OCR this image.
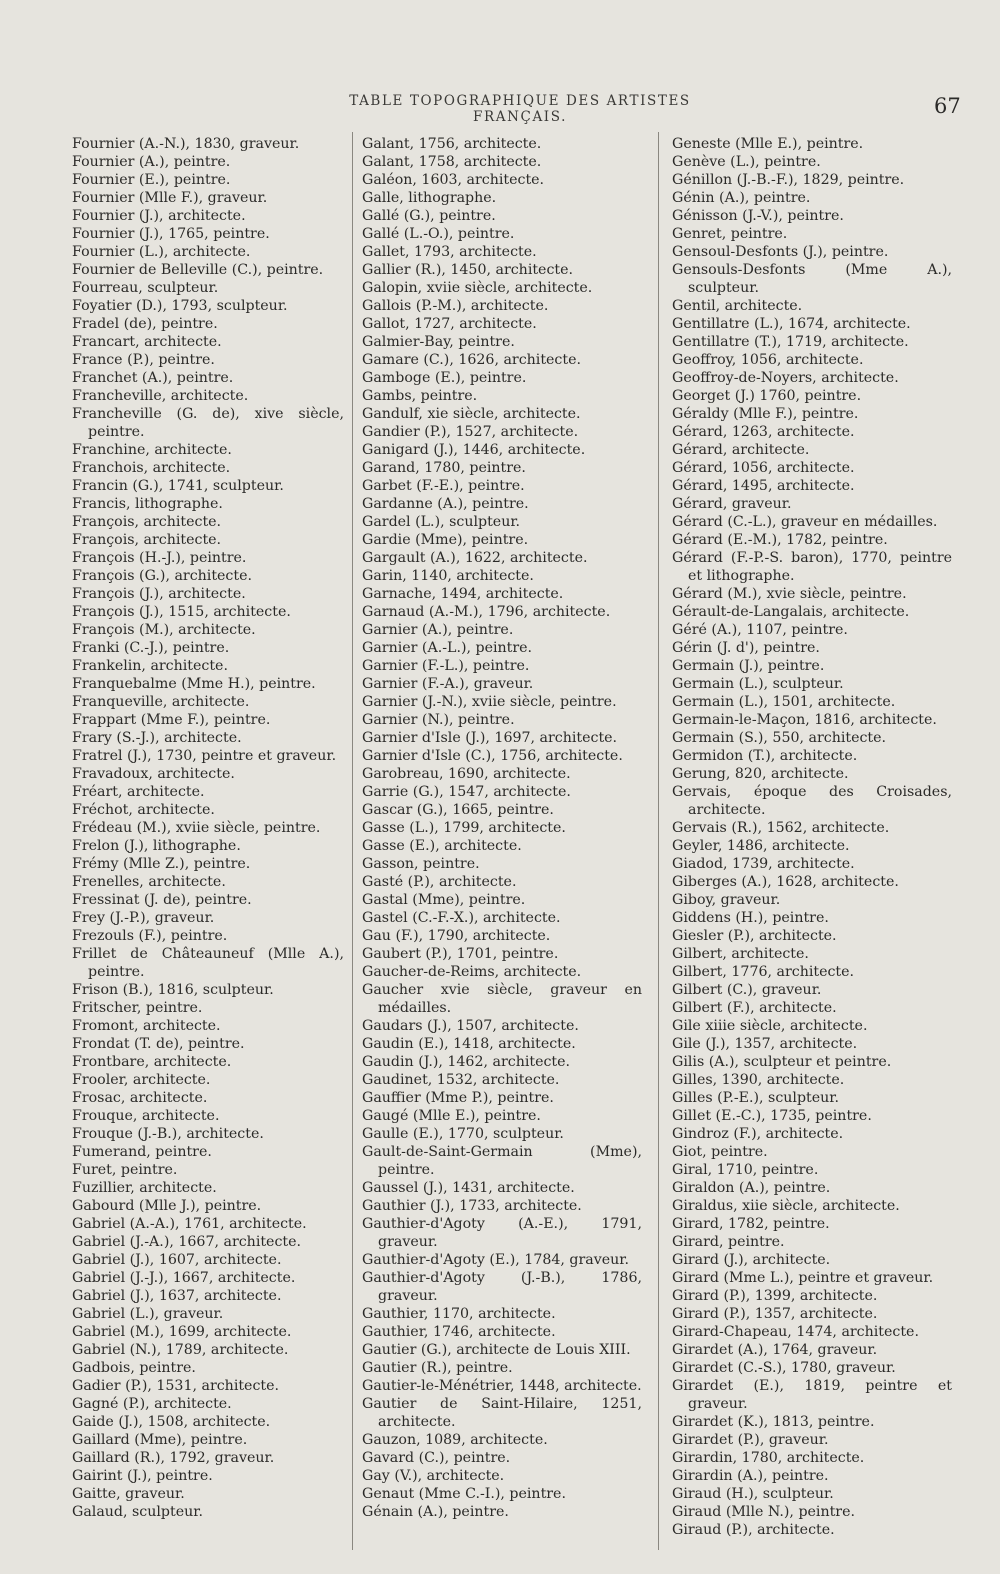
TABLE TOPOGRAPHIQUE DES ARTISTES FRANÇAIS.	67
Fournier (A.-N.), 1830, graveur.
Fournier (A.), peintre.
Fournier (E.), peintre.
Fournier (Mlle F.), graveur.
Fournier (J.), architecte.
Fournier (J.), 1765, peintre.
Fournier (L.), architecte.
Fournier de Belleville (C.), peintre.
Fourreau, sculpteur.
Foyatier (D.), 1793, sculpteur.
Fradel (de), peintre.
Francart, architecte.
France (P.), peintre.
Franchet (A.), peintre.
Francheville, architecte.
Francheville (G. de), xive siècle, peintre.
Franchine, architecte.
Franchois, architecte.
Francin (G.), 1741, sculpteur.
Francis, lithographe.
François, architecte.
François, architecte.
François (H.-J.), peintre.
François (G.), architecte.
François (J.), architecte.
François (J.), 1515, architecte.
François (M.), architecte.
Franki (C.-J.), peintre.
Frankelin, architecte.
Franquebalme (Mme H.), peintre.
Franqueville, architecte.
Frappart (Mme F.), peintre.
Frary (S.-J.), architecte.
Fratrel (J.), 1730, peintre et graveur.
Fravadoux, architecte.
Fréart, architecte.
Fréchot, architecte.
Frédeau (M.), xviie siècle, peintre.
Frelon (J.), lithographe.
Frémy (Mlle Z.), peintre.
Frenelles, architecte.
Fressinat (J. de), peintre.
Frey (J.-P.), graveur.
Frezouls (F.), peintre.
Frillet de Châteauneuf (Mlle A.), peintre.
Frison (B.), 1816, sculpteur.
Fritscher, peintre.
Fromont, architecte.
Frondat (T. de), peintre.
Frontbare, architecte.
Frooler, architecte.
Frosac, architecte.
Frouque, architecte.
Frouque (J.-B.), architecte.
Fumerand, peintre.
Furet, peintre.
Fuzillier, architecte.
Gabourd (Mlle J.), peintre.
Gabriel (A.-A.), 1761, architecte.
Gabriel (J.-A.), 1667, architecte.
Gabriel (J.), 1607, architecte.
Gabriel (J.-J.), 1667, architecte.
Gabriel (J.), 1637, architecte.
Gabriel (L.), graveur.
Gabriel (M.), 1699, architecte.
Gabriel (N.), 1789, architecte.
Gadbois, peintre.
Gadier (P.), 1531, architecte.
Gagné (P.), architecte.
Gaide (J.), 1508, architecte.
Gaillard (Mme), peintre.
Gaillard (R.), 1792, graveur.
Gairint (J.), peintre.
Gaitte, graveur.
Galaud, sculpteur.
Galant, 1756, architecte.
Galant, 1758, architecte.
Galéon, 1603, architecte.
Galle, lithographe.
Gallé (G.), peintre.
Gallé (L.-O.), peintre.
Gallet, 1793, architecte.
Gallier (R.), 1450, architecte.
Galopin, xviie siècle, architecte.
Gallois (P.-M.), architecte.
Gallot, 1727, architecte.
Galmier-Bay, peintre.
Gamare (C.), 1626, architecte.
Gamboge (E.), peintre.
Gambs, peintre.
Gandulf, xie siècle, architecte.
Gandier (P.), 1527, architecte.
Ganigard (J.), 1446, architecte.
Garand, 1780, peintre.
Garbet (F.-E.), peintre.
Gardanne (A.), peintre.
Gardel (L.), sculpteur.
Gardie (Mme), peintre.
Gargault (A.), 1622, architecte.
Garin, 1140, architecte.
Garnache, 1494, architecte.
Garnaud (A.-M.), 1796, architecte.
Garnier (A.), peintre.
Garnier (A.-L.), peintre.
Garnier (F.-L.), peintre.
Garnier (F.-A.), graveur.
Garnier (J.-N.), xviie siècle, peintre.
Garnier (N.), peintre.
Garnier d'Isle (J.), 1697, architecte.
Garnier d'Isle (C.), 1756, architecte.
Garobreau, 1690, architecte.
Garrie (G.), 1547, architecte.
Gascar (G.), 1665, peintre.
Gasse (L.), 1799, architecte.
Gasse (E.), architecte.
Gasson, peintre.
Gasté (P.), architecte.
Gastal (Mme), peintre.
Gastel (C.-F.-X.), architecte.
Gau (F.), 1790, architecte.
Gaubert (P.), 1701, peintre.
Gaucher-de-Reims, architecte.
Gaucher xvie siècle, graveur en médailles.
Gaudars (J.), 1507, architecte.
Gaudin (E.), 1418, architecte.
Gaudin (J.), 1462, architecte.
Gaudinet, 1532, architecte.
Gauffier (Mme P.), peintre.
Gaugé (Mlle E.), peintre.
Gaulle (E.), 1770, sculpteur.
Gault-de-Saint-Germain (Mme), peintre.
Gaussel (J.), 1431, architecte.
Gauthier (J.), 1733, architecte.
Gauthier-d'Agoty (A.-E.), 1791, graveur.
Gauthier-d'Agoty (E.), 1784, graveur.
Gauthier-d'Agoty (J.-B.), 1786, graveur.
Gauthier, 1170, architecte.
Gauthier, 1746, architecte.
Gautier (G.), architecte de Louis XIII.
Gautier (R.), peintre.
Gautier-le-Ménétrier, 1448, architecte.
Gautier de Saint-Hilaire, 1251, architecte.
Gauzon, 1089, architecte.
Gavard (C.), peintre.
Gay (V.), architecte.
Genaut (Mme C.-I.), peintre.
Génain (A.), peintre.
Geneste (Mlle E.), peintre.
Genève (L.), peintre.
Génillon (J.-B.-F.), 1829, peintre.
Génin (A.), peintre.
Génisson (J.-V.), peintre.
Genret, peintre.
Gensoul-Desfonts (J.), peintre.
Gensouls-Desfonts (Mme A.), sculpteur.
Gentil, architecte.
Gentillatre (L.), 1674, architecte.
Gentillatre (T.), 1719, architecte.
Geoffroy, 1056, architecte.
Geoffroy-de-Noyers, architecte.
Georget (J.) 1760, peintre.
Géraldy (Mlle F.), peintre.
Gérard, 1263, architecte.
Gérard, architecte.
Gérard, 1056, architecte.
Gérard, 1495, architecte.
Gérard, graveur.
Gérard (C.-L.), graveur en médailles.
Gérard (E.-M.), 1782, peintre.
Gérard (F.-P.-S. baron), 1770, peintre et lithographe.
Gérard (M.), xvie siècle, peintre.
Gérault-de-Langalais, architecte.
Géré (A.), 1107, peintre.
Gérin (J. d'), peintre.
Germain (J.), peintre.
Germain (L.), sculpteur.
Germain (L.), 1501, architecte.
Germain-le-Maçon, 1816, architecte.
Germain (S.), 550, architecte.
Germidon (T.), architecte.
Gerung, 820, architecte.
Gervais, époque des Croisades, architecte.
Gervais (R.), 1562, architecte.
Geyler, 1486, architecte.
Giadod, 1739, architecte.
Giberges (A.), 1628, architecte.
Giboy, graveur.
Giddens (H.), peintre.
Giesler (P.), architecte.
Gilbert, architecte.
Gilbert, 1776, architecte.
Gilbert (C.), graveur.
Gilbert (F.), architecte.
Gile xiiie siècle, architecte.
Gile (J.), 1357, architecte.
Gilis (A.), sculpteur et peintre.
Gilles, 1390, architecte.
Gilles (P.-E.), sculpteur.
Gillet (E.-C.), 1735, peintre.
Gindroz (F.), architecte.
Giot, peintre.
Giral, 1710, peintre.
Giraldon (A.), peintre.
Giraldus, xiie siècle, architecte.
Girard, 1782, peintre.
Girard, peintre.
Girard (J.), architecte.
Girard (Mme L.), peintre et graveur.
Girard (P.), 1399, architecte.
Girard (P.), 1357, architecte.
Girard-Chapeau, 1474, architecte.
Girardet (A.), 1764, graveur.
Girardet (C.-S.), 1780, graveur.
Girardet (E.), 1819, peintre et graveur.
Girardet (K.), 1813, peintre.
Girardet (P.), graveur.
Girardin, 1780, architecte.
Girardin (A.), peintre.
Giraud (H.), sculpteur.
Giraud (Mlle N.), peintre.
Giraud (P.), architecte.
